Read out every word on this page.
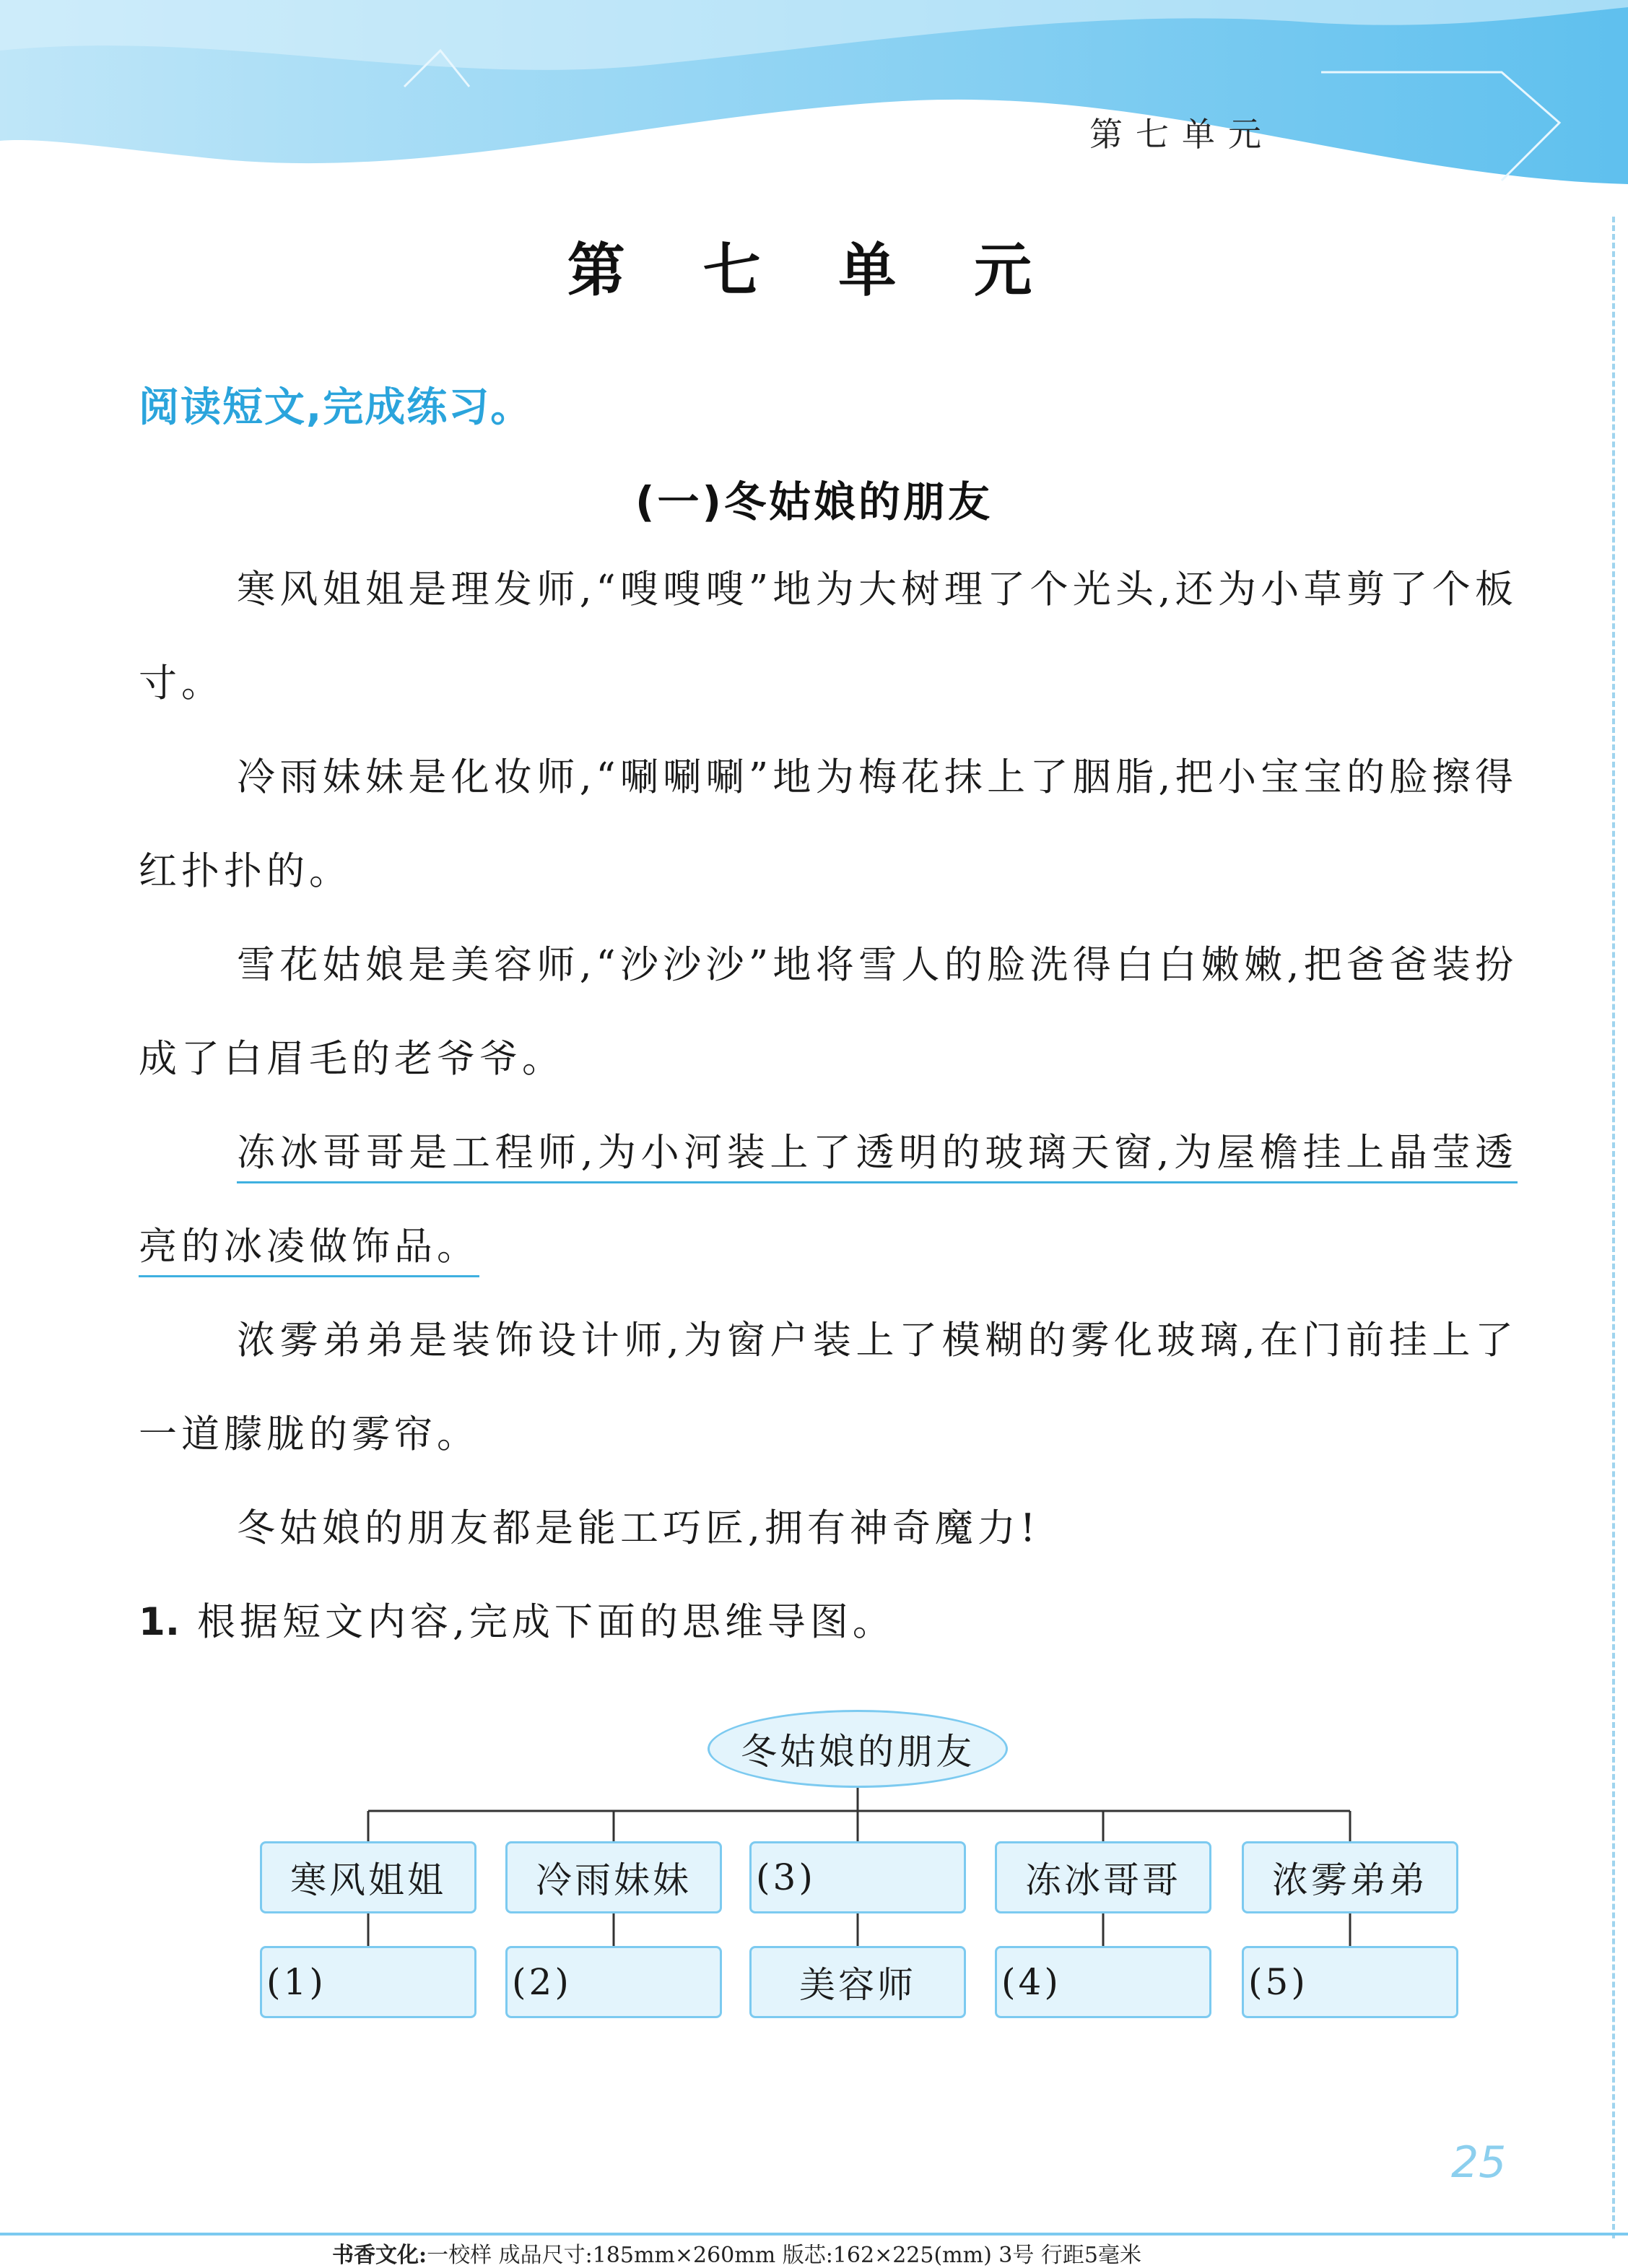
第七单元
第 七 单 元
阅读短文,完成练习。
(一)冬姑娘的朋友

寒风姐姐是理发师,“嗖嗖嗖”地为大树理了个光头,还为小草剪了个板寸。

冷雨妹妹是化妆师,“唰唰唰”地为梅花抹上了胭脂,把小宝宝的脸擦得红扑扑的。

雪花姑娘是美容师,“沙沙沙”地将雪人的脸洗得白白嫩嫩,把爸爸装扮成了白眉毛的老爷爷。

冻冰哥哥是工程师,为小河装上了透明的玻璃天窗,为屋檐挂上晶莹透亮的冰凌做饰品。

浓雾弟弟是装饰设计师,为窗户装上了模糊的雾化玻璃,在门前挂上了一道朦胧的雾帘。

冬姑娘的朋友都是能工巧匠,拥有神奇魔力!

1. 根据短文内容,完成下面的思维导图。
冬姑娘的朋友
寒风姐姐	冷雨妹妹	(3)	冻冰哥哥	浓雾弟弟
(1)	(2)	美容师	(4)	(5)
25
书香文化:一校样 成品尺寸:185mm×260mm 版芯:162×225(mm) 3号 行距5毫米
